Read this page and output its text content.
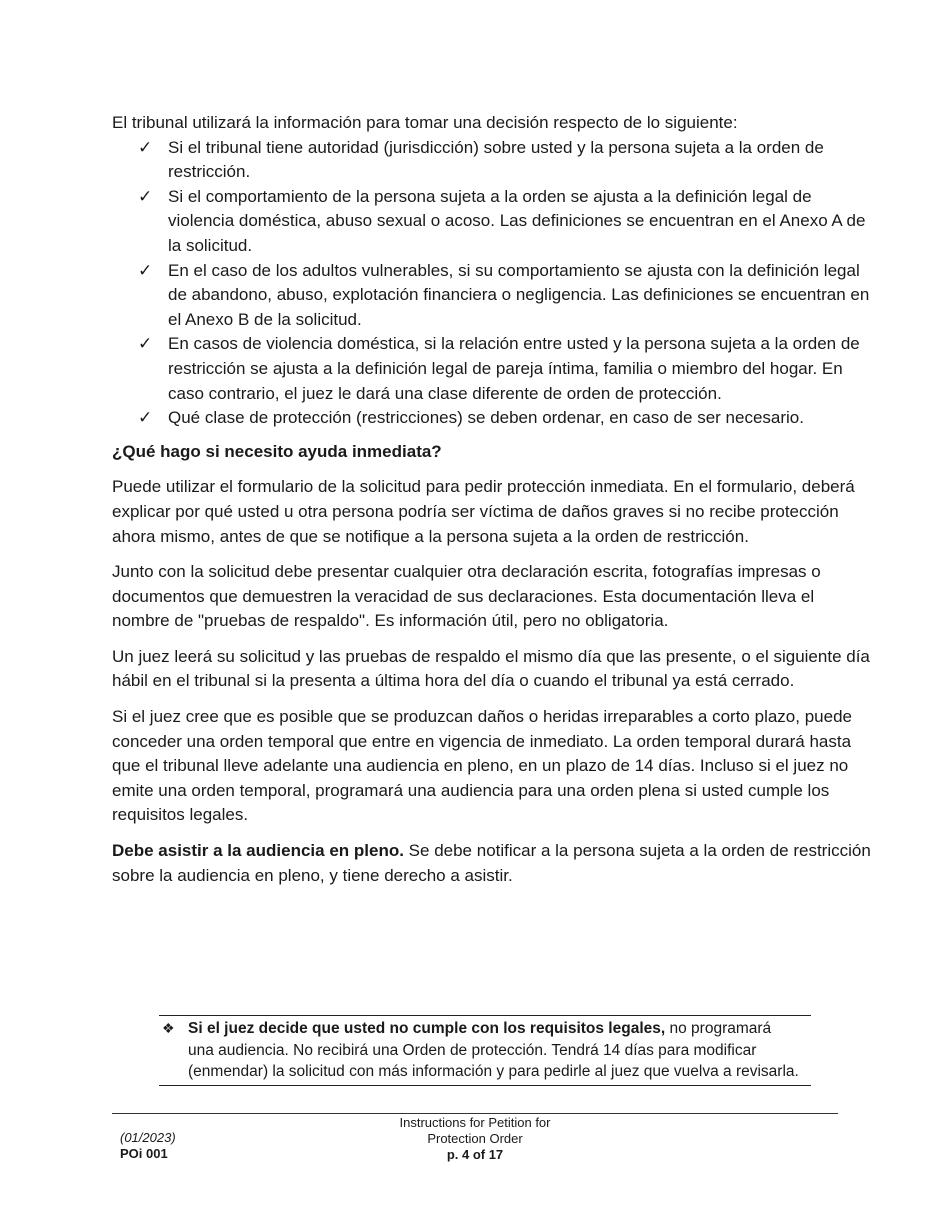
El tribunal utilizará la información para tomar una decisión respecto de lo siguiente:

✓ Si el tribunal tiene autoridad (jurisdicción) sobre usted y la persona sujeta a la orden de restricción.
✓ Si el comportamiento de la persona sujeta a la orden se ajusta a la definición legal de violencia doméstica, abuso sexual o acoso. Las definiciones se encuentran en el Anexo A de la solicitud.
✓ En el caso de los adultos vulnerables, si su comportamiento se ajusta con la definición legal de abandono, abuso, explotación financiera o negligencia. Las definiciones se encuentran en el Anexo B de la solicitud.
✓ En casos de violencia doméstica, si la relación entre usted y la persona sujeta a la orden de restricción se ajusta a la definición legal de pareja íntima, familia o miembro del hogar. En caso contrario, el juez le dará una clase diferente de orden de protección.
✓ Qué clase de protección (restricciones) se deben ordenar, en caso de ser necesario.
¿Qué hago si necesito ayuda inmediata?

Puede utilizar el formulario de la solicitud para pedir protección inmediata. En el formulario, deberá explicar por qué usted u otra persona podría ser víctima de daños graves si no recibe protección ahora mismo, antes de que se notifique a la persona sujeta a la orden de restricción.

Junto con la solicitud debe presentar cualquier otra declaración escrita, fotografías impresas o documentos que demuestren la veracidad de sus declaraciones. Esta documentación lleva el nombre de "pruebas de respaldo". Es información útil, pero no obligatoria.

Un juez leerá su solicitud y las pruebas de respaldo el mismo día que las presente, o el siguiente día hábil en el tribunal si la presenta a última hora del día o cuando el tribunal ya está cerrado.

Si el juez cree que es posible que se produzcan daños o heridas irreparables a corto plazo, puede conceder una orden temporal que entre en vigencia de inmediato. La orden temporal durará hasta que el tribunal lleve adelante una audiencia en pleno, en un plazo de 14 días. Incluso si el juez no emite una orden temporal, programará una audiencia para una orden plena si usted cumple los requisitos legales.

Debe asistir a la audiencia en pleno. Se debe notificar a la persona sujeta a la orden de restricción sobre la audiencia en pleno, y tiene derecho a asistir.

❖ Si el juez decide que usted no cumple con los requisitos legales, no programará una audiencia. No recibirá una Orden de protección. Tendrá 14 días para modificar (enmendar) la solicitud con más información y para pedirle al juez que vuelva a revisarla.
(01/2023)
POi 001
Instructions for Petition for
Protection Order
p. 4 of 17
